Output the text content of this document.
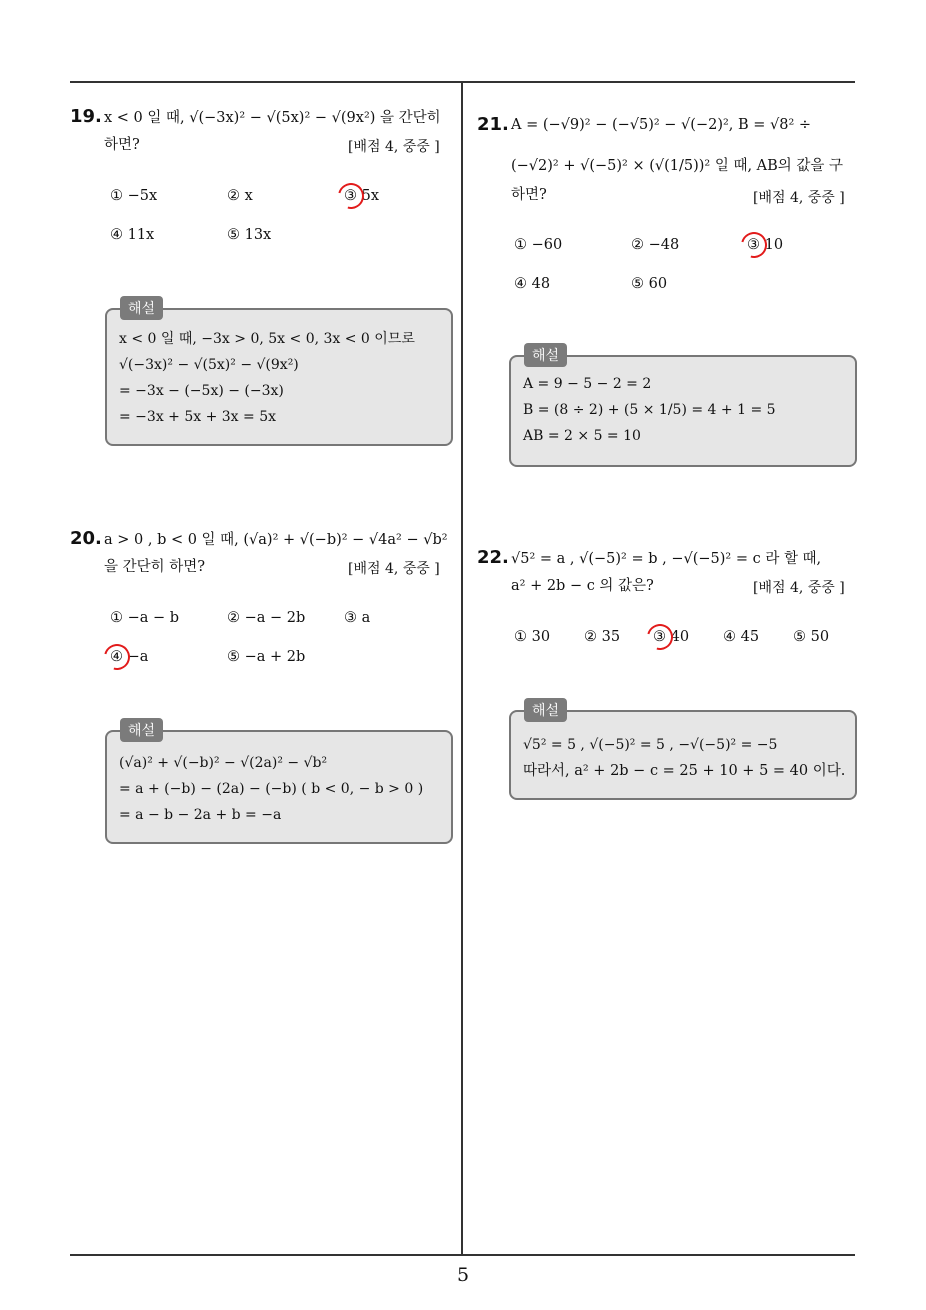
5
19. x < 0 일 때, √(−3x)² − √(5x)² − √(9x²) 을 간단히
하면?	[배점 4, 중중 ]
① −5x	② x	③ 5x
④ 11x	⑤ 13x
x < 0 일 때, −3x > 0, 5x < 0, 3x < 0 이므로
√(−3x)² − √(5x)² − √(9x²)
= −3x − (−5x) − (−3x)
= −3x + 5x + 3x = 5x
해설
20. a > 0 , b < 0 일 때, (√a)² + √(−b)² − √4a² − √b²
을 간단히 하면?	[배점 4, 중중 ]
① −a − b	② −a − 2b	③ a
④ −a	⑤ −a + 2b
(√a)² + √(−b)² − √(2a)² − √b²
= a + (−b) − (2a) − (−b) ( b < 0, − b > 0 )
= a − b − 2a + b = −a
해설
21. A = (−√9)² − (−√5)² − √(−2)², B = √8² ÷
(−√2)² + √(−5)² × (√(1/5))² 일 때, AB의 값을 구
하면?	[배점 4, 중중 ]
① −60	② −48	③ 10
④ 48	⑤ 60
A = 9 − 5 − 2 = 2
B = (8 ÷ 2) + (5 × 1/5) = 4 + 1 = 5
AB = 2 × 5 = 10
해설
22. √5² = a , √(−5)² = b , −√(−5)² = c 라 할 때,
a² + 2b − c 의 값은?	[배점 4, 중중 ]
① 30 ② 35 ③ 40 ④ 45 ⑤ 50
√5² = 5 , √(−5)² = 5 , −√(−5)² = −5
따라서, a² + 2b − c = 25 + 10 + 5 = 40 이다.
해설
